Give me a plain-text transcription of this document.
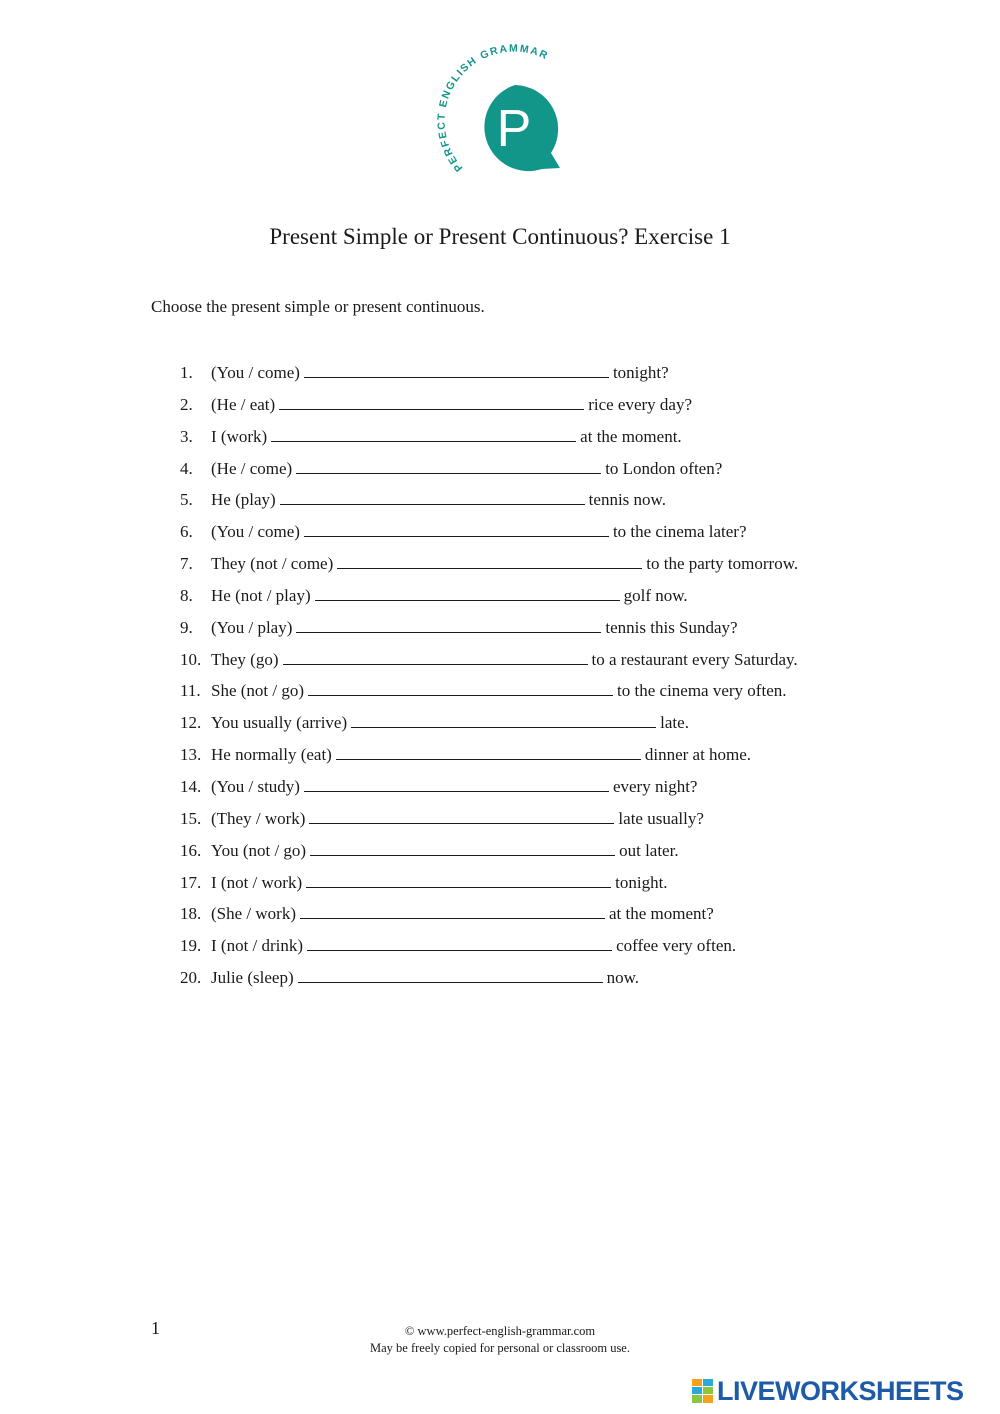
PERFECT ENGLISH GRAMMAR
P
Present Simple or Present Continuous? Exercise 1
Choose the present simple or present continuous.
1. (You / come)	tonight?
2. (He / eat)	rice every day?
3. I (work)	at the moment.
4. (He / come)	to London often?
5. He (play)	tennis now.
6. (You / come)	to the cinema later?
7. They (not / come)	to the party tomorrow.
8. He (not / play)	golf now.
9. (You / play)	tennis this Sunday?
10. They (go)	to a restaurant every Saturday.
11. She (not / go)	to the cinema very often.
12. You usually (arrive)	late.
13. He normally (eat)	dinner at home.
14. (You / study)	every night?
15. (They / work)	late usually?
16. You (not / go)	out later.
17. I (not / work)	tonight.
18. (She / work)	at the moment?
19. I (not / drink)	coffee very often.
20. Julie (sleep)	now.
1	© www.perfect-english-grammar.com
May be freely copied for personal or classroom use.
LIVEWORKSHEETS
